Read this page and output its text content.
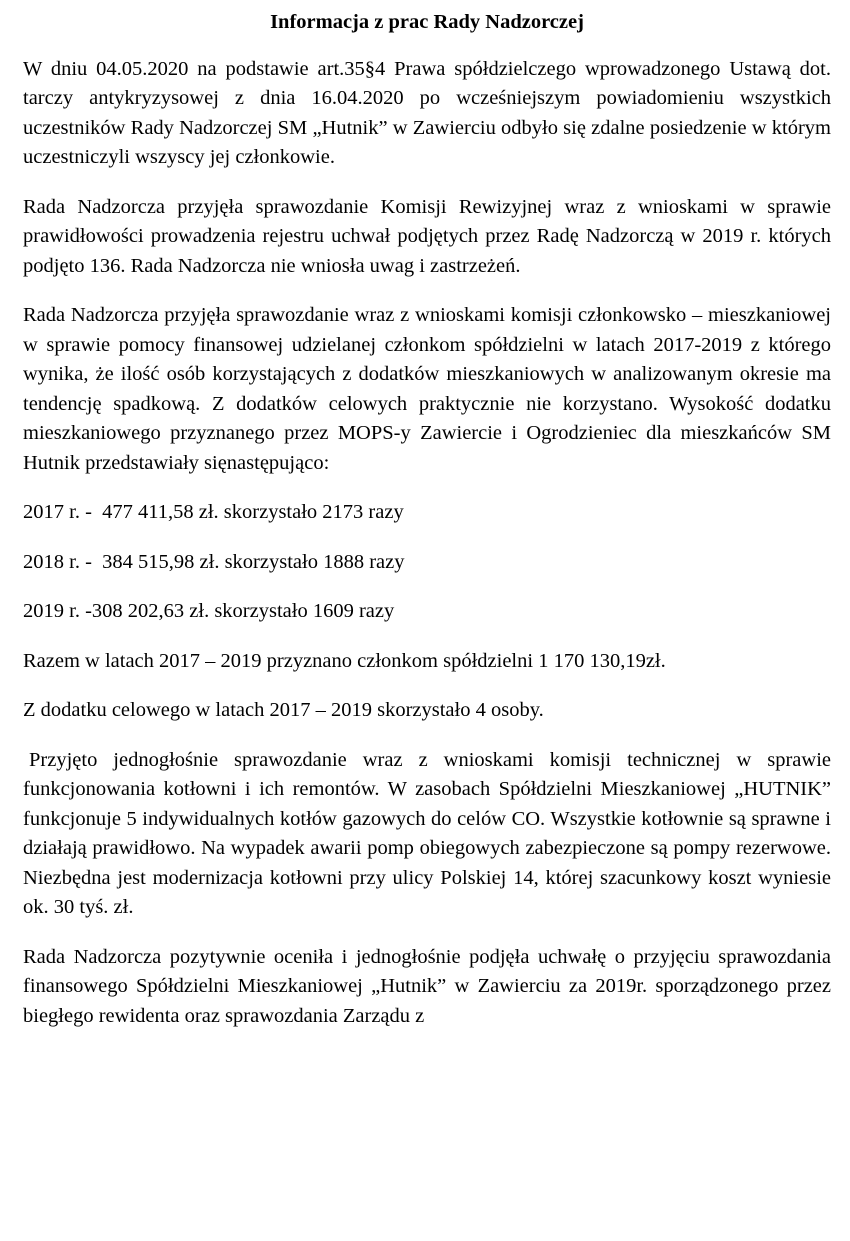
Informacja z prac Rady Nadzorczej

W dniu 04.05.2020 na podstawie art.35§4 Prawa spółdzielczego wprowadzonego Ustawą dot. tarczy antykryzysowej z dnia 16.04.2020 po wcześniejszym powiadomieniu wszystkich uczestników Rady Nadzorczej SM „Hutnik” w Zawierciu odbyło się zdalne posiedzenie w którym uczestniczyli wszyscy jej członkowie.

Rada Nadzorcza przyjęła sprawozdanie Komisji Rewizyjnej wraz z wnioskami w sprawie prawidłowości prowadzenia rejestru uchwał podjętych przez Radę Nadzorczą w 2019 r. których podjęto 136. Rada Nadzorcza nie wniosła uwag i zastrzeżeń.

Rada Nadzorcza przyjęła sprawozdanie wraz z wnioskami komisji członkowsko – mieszkaniowej w sprawie pomocy finansowej udzielanej członkom spółdzielni w latach 2017-2019 z którego wynika, że ilość osób korzystających z dodatków mieszkaniowych w analizowanym okresie ma tendencję spadkową. Z dodatków celowych praktycznie nie korzystano. Wysokość dodatku mieszkaniowego przyznanego przez MOPS-y Zawiercie i Ogrodzieniec dla mieszkańców SM Hutnik przedstawiały sięnastępująco:

2017 r. -  477 411,58 zł. skorzystało 2173 razy
2018 r. -  384 515,98 zł. skorzystało 1888 razy
2019 r. -308 202,63 zł. skorzystało 1609 razy
Razem w latach 2017 – 2019 przyznano członkom spółdzielni 1 170 130,19zł.
Z dodatku celowego w latach 2017 – 2019 skorzystało 4 osoby.

Przyjęto jednogłośnie sprawozdanie wraz z wnioskami komisji technicznej w sprawie funkcjonowania kotłowni i ich remontów. W zasobach Spółdzielni Mieszkaniowej „HUTNIK” funkcjonuje 5 indywidualnych kotłów gazowych do celów CO. Wszystkie kotłownie są sprawne i działają prawidłowo. Na wypadek awarii pomp obiegowych zabezpieczone są pompy rezerwowe. Niezbędna jest modernizacja kotłowni przy ulicy Polskiej 14, której szacunkowy koszt wyniesie ok. 30 tyś. zł.

Rada Nadzorcza pozytywnie oceniła i jednogłośnie podjęła uchwałę o przyjęciu sprawozdania finansowego Spółdzielni Mieszkaniowej „Hutnik” w Zawierciu za 2019r. sporządzonego przez biegłego rewidenta oraz sprawozdania Zarządu z
